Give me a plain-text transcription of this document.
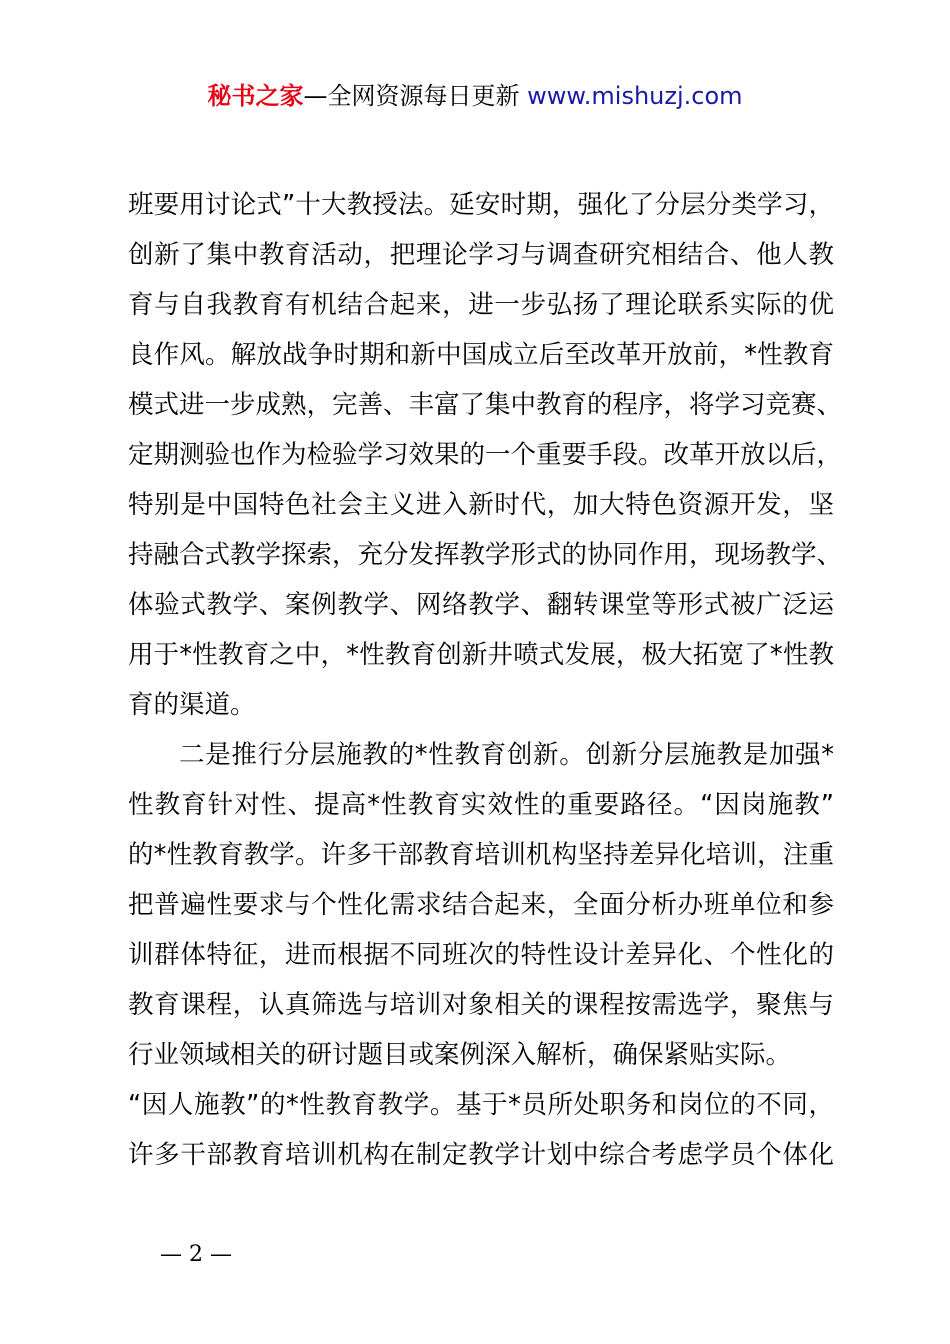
秘书之家—全网资源每日更新 www.mishuzj.com
班要用讨论式”十大教授法。延安时期，强化了分层分类学习，
创新了集中教育活动，把理论学习与调查研究相结合、他人教
育与自我教育有机结合起来，进一步弘扬了理论联系实际的优
良作风。解放战争时期和新中国成立后至改革开放前，*性教育
模式进一步成熟，完善、丰富了集中教育的程序，将学习竞赛、
定期测验也作为检验学习效果的一个重要手段。改革开放以后，
特别是中国特色社会主义进入新时代，加大特色资源开发，坚
持融合式教学探索，充分发挥教学形式的协同作用，现场教学、
体验式教学、案例教学、网络教学、翻转课堂等形式被广泛运
用于*性教育之中，*性教育创新井喷式发展，极大拓宽了*性教
育的渠道。
二是推行分层施教的*性教育创新。创新分层施教是加强*
性教育针对性、提高*性教育实效性的重要路径。“因岗施教”
的*性教育教学。许多干部教育培训机构坚持差异化培训，注重
把普遍性要求与个性化需求结合起来，全面分析办班单位和参
训群体特征，进而根据不同班次的特性设计差异化、个性化的
教育课程，认真筛选与培训对象相关的课程按需选学，聚焦与
行业领域相关的研讨题目或案例深入解析，确保紧贴实际。
“因人施教”的*性教育教学。基于*员所处职务和岗位的不同，
许多干部教育培训机构在制定教学计划中综合考虑学员个体化
— 2 —
